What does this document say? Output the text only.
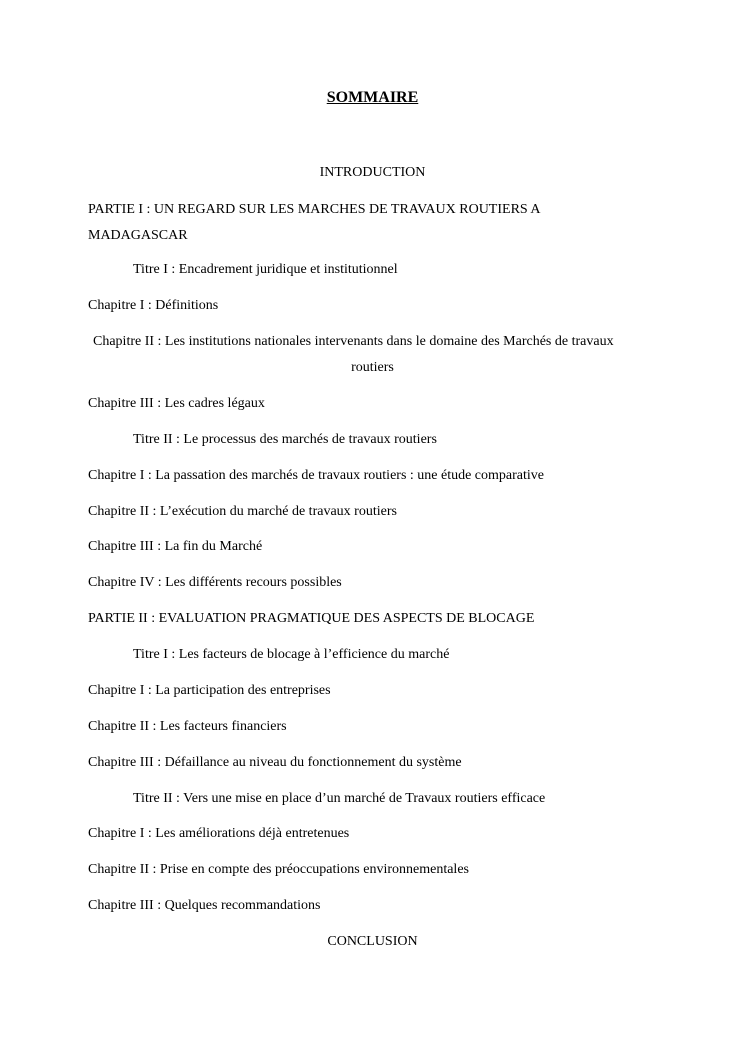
SOMMAIRE
INTRODUCTION
PARTIE I : UN REGARD SUR LES MARCHES DE TRAVAUX ROUTIERS A
MADAGASCAR
Titre I : Encadrement juridique et institutionnel
Chapitre I : Définitions
Chapitre II : Les institutions nationales intervenants dans le domaine des Marchés de travaux
routiers
Chapitre III : Les cadres légaux
Titre II : Le processus des marchés de travaux routiers
Chapitre I : La passation des marchés de travaux routiers : une étude comparative
Chapitre II : L’exécution du marché de travaux routiers
Chapitre III : La fin du Marché
Chapitre IV : Les différents recours possibles
PARTIE II : EVALUATION PRAGMATIQUE DES ASPECTS DE BLOCAGE
Titre I : Les facteurs de blocage à l’efficience du marché
Chapitre I : La participation des entreprises
Chapitre II : Les facteurs financiers
Chapitre III : Défaillance au niveau du fonctionnement du système
Titre II : Vers une mise en place d’un marché de Travaux routiers efficace
Chapitre I : Les améliorations déjà entretenues
Chapitre II : Prise en compte des préoccupations environnementales
Chapitre III : Quelques recommandations
CONCLUSION
